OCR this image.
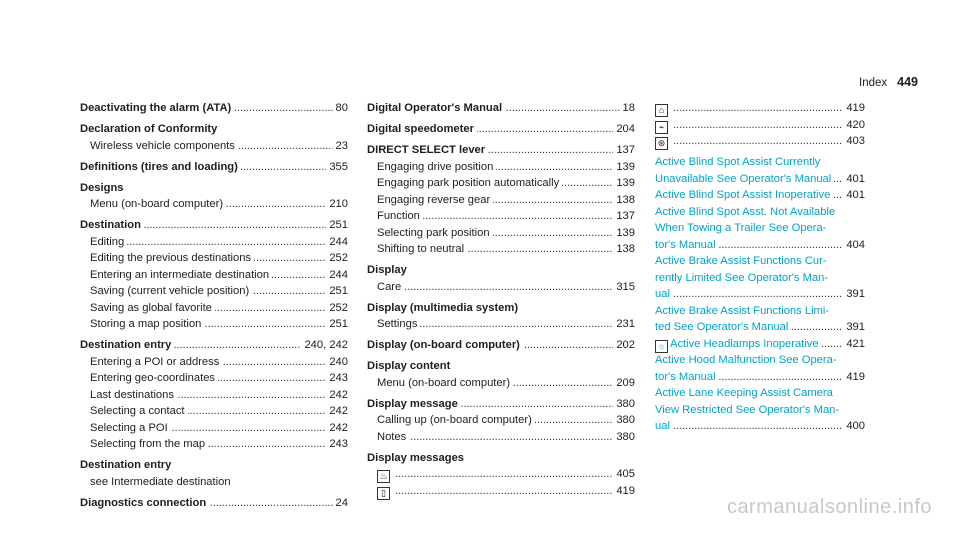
Index 449
. . .
Deactivating the alarm (ATA)	80
Declaration of Conformity
. . .
Wireless vehicle components	23
. . .
Definitions (tires and loading)	355
Designs
. . .
Menu (on-board computer)	210
. . .
Destination	251
. . .
Editing	244
. . .
Editing the previous destinations	252
. . .
Entering an intermediate destination	244
. . .
Saving (current vehicle position)	251
. . .
Saving as global favorite	252
. . .
Storing a map position	251
. . .
Destination entry	240, 242
. . .
Entering a POI or address	240
. . .
Entering geo-coordinates	243
. . .
Last destinations	242
. . .
Selecting a contact	242
. . .
Selecting a POI	242
. . .
Selecting from the map	243
Destination entry
see Intermediate destination
. . .
Diagnostics connection	24
. . .
Digital Operator's Manual	18
. . .
Digital speedometer	204
. . .
DIRECT SELECT lever	137
. . .
Engaging drive position	139
. . .
Engaging park position automatically	139
. . .
Engaging reverse gear	138
. . .
Function	137
. . .
Selecting park position	139
. . .
Shifting to neutral	138
Display
. . .
Care	315
Display (multimedia system)
. . .
Settings	231
. . .
Display (on-board computer)	202
Display content
. . .
Menu (on-board computer)	209
. . .
Display message	380
. . .
Calling up (on-board computer)	380
. . .
Notes	380
Display messages
. . .
♨	405
. . .
▯	419
. . .
⌂	419
. . .
⌁	420
. . .
⊛	403
Active Blind Spot Assist Currently
. . .
Unavailable See Operator's Manual 401
. . .
Active Blind Spot Assist Inoperative 401
Active Blind Spot Asst. Not Available
When Towing a Trailer See Opera-
. . .
tor's Manual	404
Active Brake Assist Functions Cur-
rently Limited See Operator's Man-
. . .
ual	391
Active Brake Assist Functions Limi-
. . .
ted See Operator's Manual	391
. . .
☼ Active Headlamps Inoperative 421
Active Hood Malfunction See Opera-
. . .
tor's Manual	419
Active Lane Keeping Assist Camera
View Restricted See Operator's Man-
. . .
ual	400
carmanualsonline.info
